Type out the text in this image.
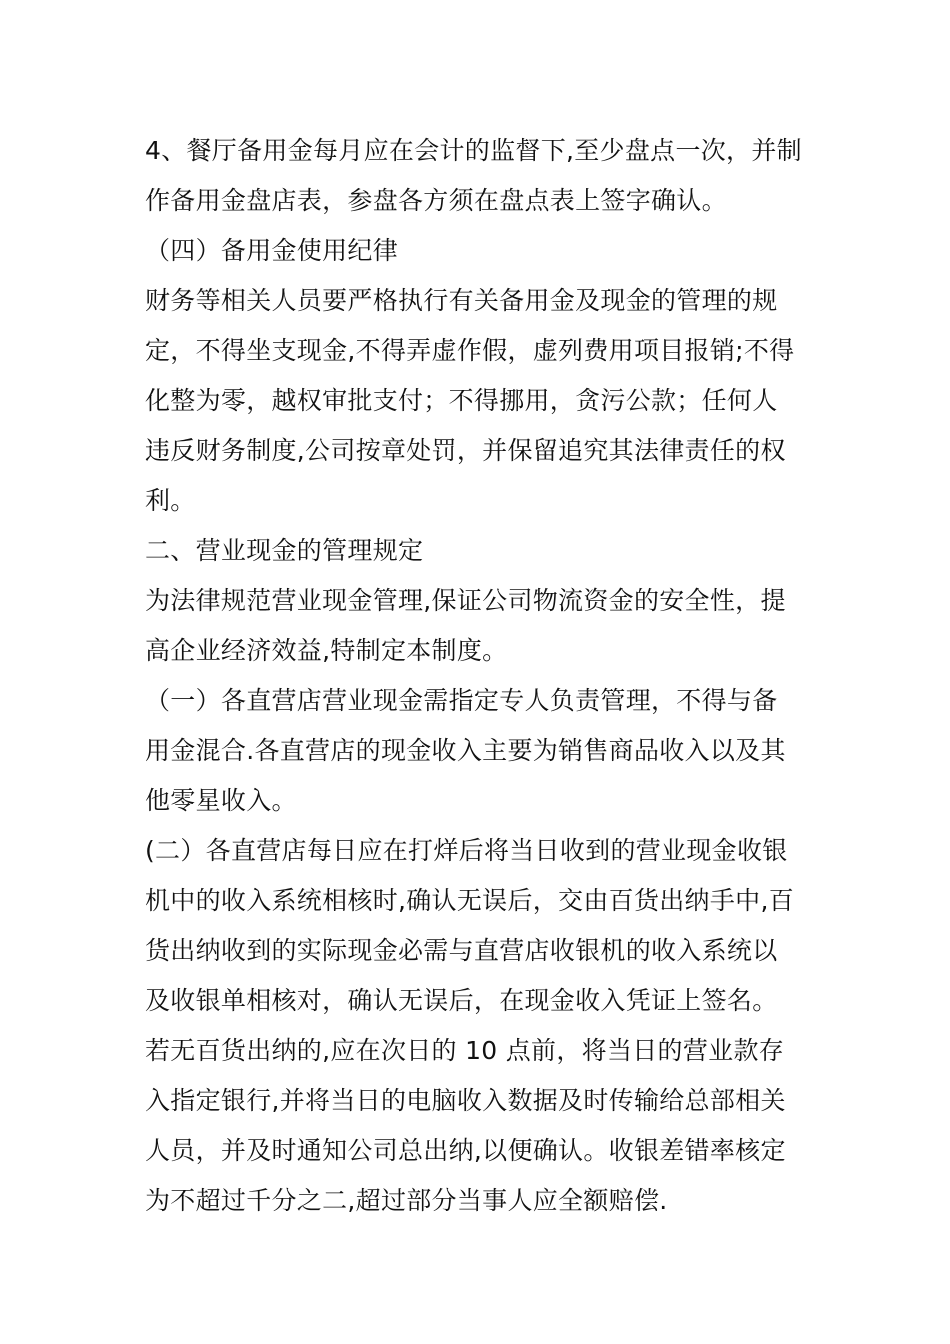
4、餐厅备用金每月应在会计的监督下,至少盘点一次，并制
作备用金盘店表，参盘各方须在盘点表上签字确认。
（四）备用金使用纪律
财务等相关人员要严格执行有关备用金及现金的管理的规
定，不得坐支现金,不得弄虚作假，虚列费用项目报销;不得
化整为零，越权审批支付；不得挪用，贪污公款；任何人
违反财务制度,公司按章处罚，并保留追究其法律责任的权
利。
二、营业现金的管理规定
为法律规范营业现金管理,保证公司物流资金的安全性，提
高企业经济效益,特制定本制度。
（一）各直营店营业现金需指定专人负责管理，不得与备
用金混合.各直营店的现金收入主要为销售商品收入以及其
他零星收入。
(二）各直营店每日应在打烊后将当日收到的营业现金收银
机中的收入系统相核时,确认无误后，交由百货出纳手中,百
货出纳收到的实际现金必需与直营店收银机的收入系统以
及收银单相核对，确认无误后，在现金收入凭证上签名。
若无百货出纳的,应在次日的 10 点前，将当日的营业款存
入指定银行,并将当日的电脑收入数据及时传输给总部相关
人员，并及时通知公司总出纳,以便确认。收银差错率核定
为不超过千分之二,超过部分当事人应全额赔偿.
